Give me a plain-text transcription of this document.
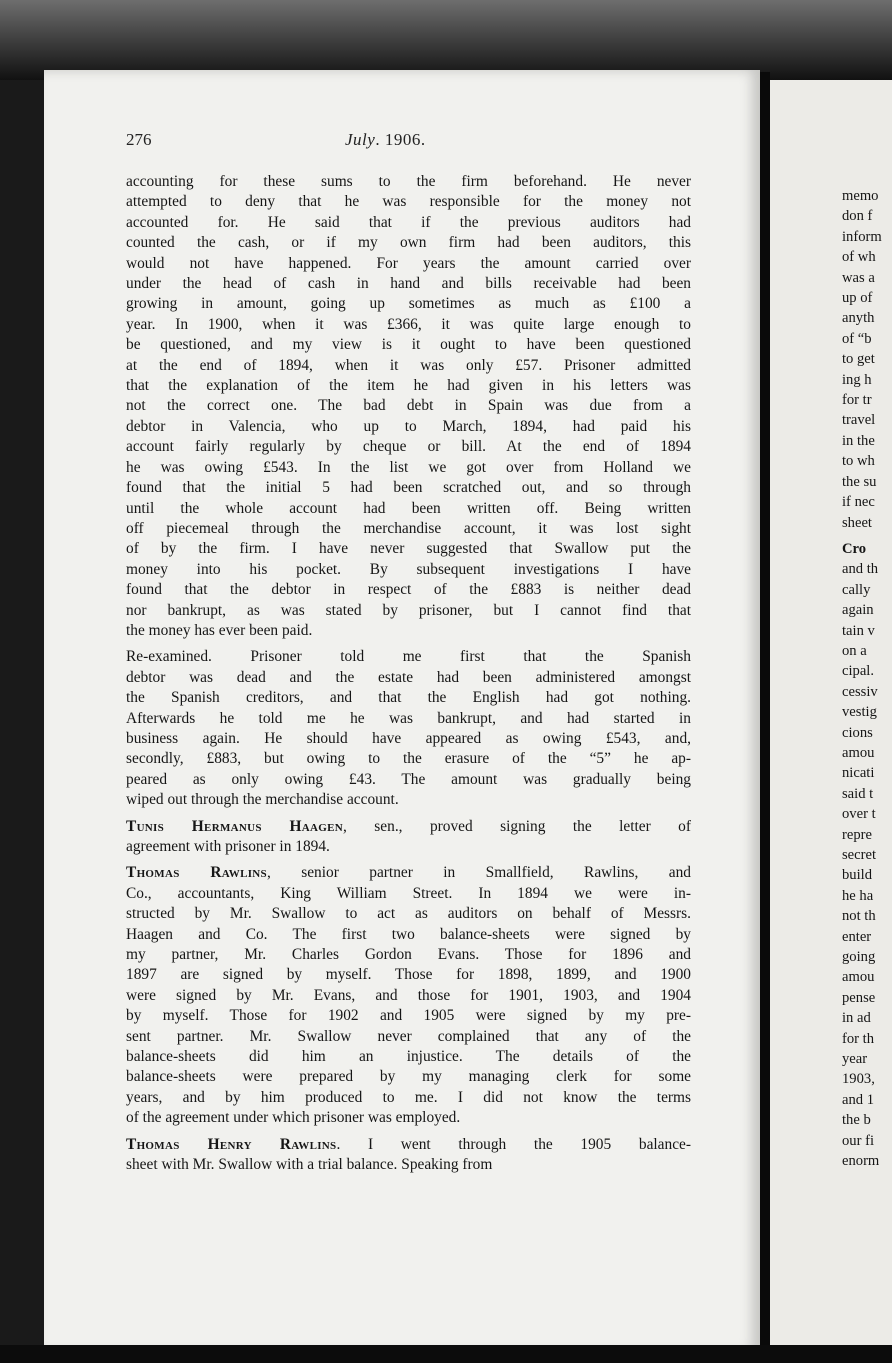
276	July. 1906.

accounting for these sums to the firm beforehand. He never
attempted to deny that he was responsible for the money not
accounted for. He said that if the previous auditors had
counted the cash, or if my own firm had been auditors, this
would not have happened. For years the amount carried over
under the head of cash in hand and bills receivable had been
growing in amount, going up sometimes as much as £100 a
year. In 1900, when it was £366, it was quite large enough to
be questioned, and my view is it ought to have been questioned
at the end of 1894, when it was only £57. Prisoner admitted
that the explanation of the item he had given in his letters was
not the correct one. The bad debt in Spain was due from a
debtor in Valencia, who up to March, 1894, had paid his
account fairly regularly by cheque or bill. At the end of 1894
he was owing £543. In the list we got over from Holland we
found that the initial 5 had been scratched out, and so through
until the whole account had been written off. Being written
off piecemeal through the merchandise account, it was lost sight
of by the firm. I have never suggested that Swallow put the
money into his pocket. By subsequent investigations I have
found that the debtor in respect of the £883 is neither dead
nor bankrupt, as was stated by prisoner, but I cannot find that
the money has ever been paid.

Re-examined. Prisoner told me first that the Spanish
debtor was dead and the estate had been administered amongst
the Spanish creditors, and that the English had got nothing.
Afterwards he told me he was bankrupt, and had started in
business again. He should have appeared as owing £543, and,
secondly, £883, but owing to the erasure of the “5” he ap-
peared as only owing £43. The amount was gradually being
wiped out through the merchandise account.

Tunis Hermanus Haagen, sen., proved signing the letter of
agreement with prisoner in 1894.

Thomas Rawlins, senior partner in Smallfield, Rawlins, and
Co., accountants, King William Street. In 1894 we were in-
structed by Mr. Swallow to act as auditors on behalf of Messrs.
Haagen and Co. The first two balance-sheets were signed by
my partner, Mr. Charles Gordon Evans. Those for 1896 and
1897 are signed by myself. Those for 1898, 1899, and 1900
were signed by Mr. Evans, and those for 1901, 1903, and 1904
by myself. Those for 1902 and 1905 were signed by my pre-
sent partner. Mr. Swallow never complained that any of the
balance-sheets did him an injustice. The details of the
balance-sheets were prepared by my managing clerk for some
years, and by him produced to me. I did not know the terms
of the agreement under which prisoner was employed.

Thomas Henry Rawlins. I went through the 1905 balance-
sheet with Mr. Swallow with a trial balance. Speaking from

memo
don f
inform
of wh
was a
up of
anyth
of “b
to get
ing h
for tr
travel
in the
to wh
the su
if nec
sheet
Cro
and th
cally
again
tain v
on a
cipal.
cessiv
vestig
cions
amou
nicati
said t
over t
repre
secret
build
he ha
not th
enter
going
amou
pense
in ad
for th
year
1903,
and 1
the b
our fi
enorm
